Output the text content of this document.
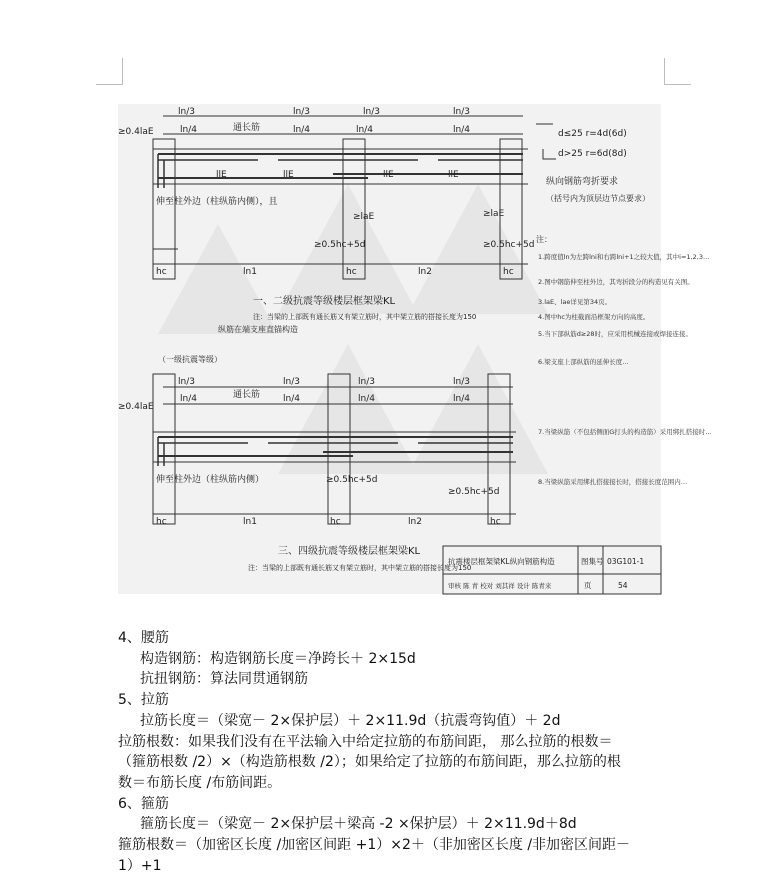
ln/3	ln/3	ln/3	ln/3
ln/4	ln/4	ln/4	ln/4
≥0.4laE	通长筋
伸至柱外边（柱纵筋内侧），且
llE	llE	llE	llE
≥laE	≥laE
≥0.5hc+5d	≥0.5hc+5d
hc	hc	hc
ln1	ln2
一、二级抗震等级楼层框架梁KL
注：当梁的上部既有通长筋又有架立筋时，其中架立筋的搭接长度为150
d≤25 r=4d(6d)
d>25 r=6d(8d)
纵向钢筋弯折要求
（括号内为顶层边节点要求）
注：
1.跨度值ln为左跨lni和右跨lni+1之较大值，其中i=1,2,3…
2.图中钢筋伸至柱外边，其弯折段分的构造见有关图。
3.laE、lae详见第34页。
4.图中hc为柱截面沿框架方向的高度。
5.当下部纵筋d≥28时，应采用机械连接或焊接连接。
6.梁支座上部纵筋的延伸长度…
7.当梁纵筋（不包括侧面G打头的构造筋）采用绑扎搭接时…
8.当梁纵筋采用绑扎搭接接长时，搭接长度范围内…
纵筋在端支座直锚构造
（一级抗震等级）
ln/3	ln/3	ln/3	ln/3
ln/4	ln/4	ln/4	ln/4
≥0.4laE
通长筋
伸至柱外边（柱纵筋内侧）	≥0.5hc+5d
≥0.5hc+5d
hc	hc	hc
ln1	ln2
三、四级抗震等级楼层框架梁KL
注：当梁的上部既有通长筋又有架立筋时，其中架立筋的搭接长度为150
抗震楼层框架梁KL纵向钢筋构造	图集号 03G101-1
审核 陈 青 校对 刘其祥 设计 陈青来	页	54
4、腰筋
构造钢筋：构造钢筋长度＝净跨长＋ 2×15d
抗扭钢筋：算法同贯通钢筋
5、拉筋
拉筋长度＝（梁宽－ 2×保护层）＋ 2×11.9d（抗震弯钩值）＋ 2d
拉筋根数：如果我们没有在平法输入中给定拉筋的布筋间距， 那么拉筋的根数＝
（箍筋根数 /2）×（构造筋根数 /2）；如果给定了拉筋的布筋间距，那么拉筋的根
数＝布筋长度 /布筋间距。
6、箍筋
箍筋长度＝（梁宽－ 2×保护层＋梁高 -2 ×保护层）＋ 2×11.9d＋8d
箍筋根数＝（加密区长度 /加密区间距 +1）×2＋（非加密区长度 /非加密区间距－
1）+1
